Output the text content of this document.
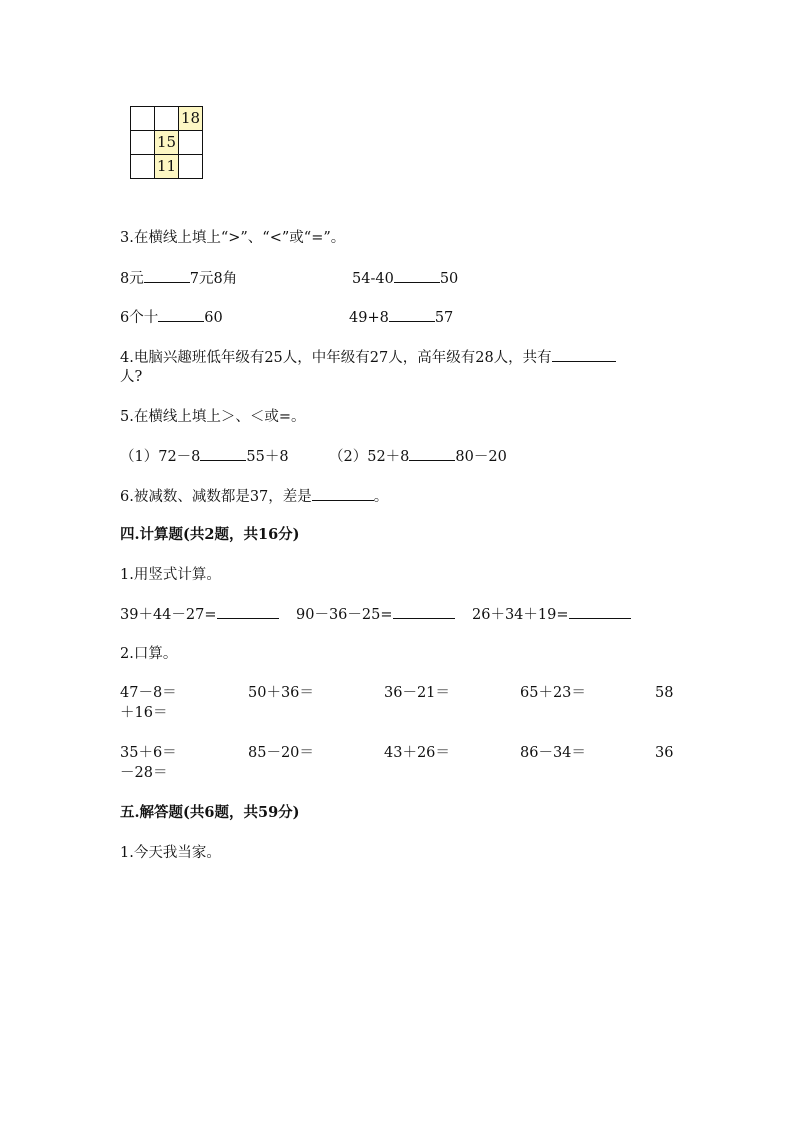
		18
	15	
	11	
3.在横线上填上“>”、“<”或“=”。
8元	7元8角	54-40	50
6个十	60	49+8	57
4.电脑兴趣班低年级有25人，中年级有27人，高年级有28人，共有
人?
5.在横线上填上＞、＜或=。
（1）72－8	55＋8	（2）52＋8	80－20
6.被减数、减数都是37，差是	。
四.计算题(共2题，共16分)
1.用竖式计算。
39＋44－27=	90－36－25=	26＋34＋19=
2.口算。
47－8＝	50＋36＝	36－21＝	65＋23＝	58
＋16＝
35＋6＝	85－20＝	43＋26＝	86－34＝	36
－28＝
五.解答题(共6题，共59分)
1.今天我当家。
